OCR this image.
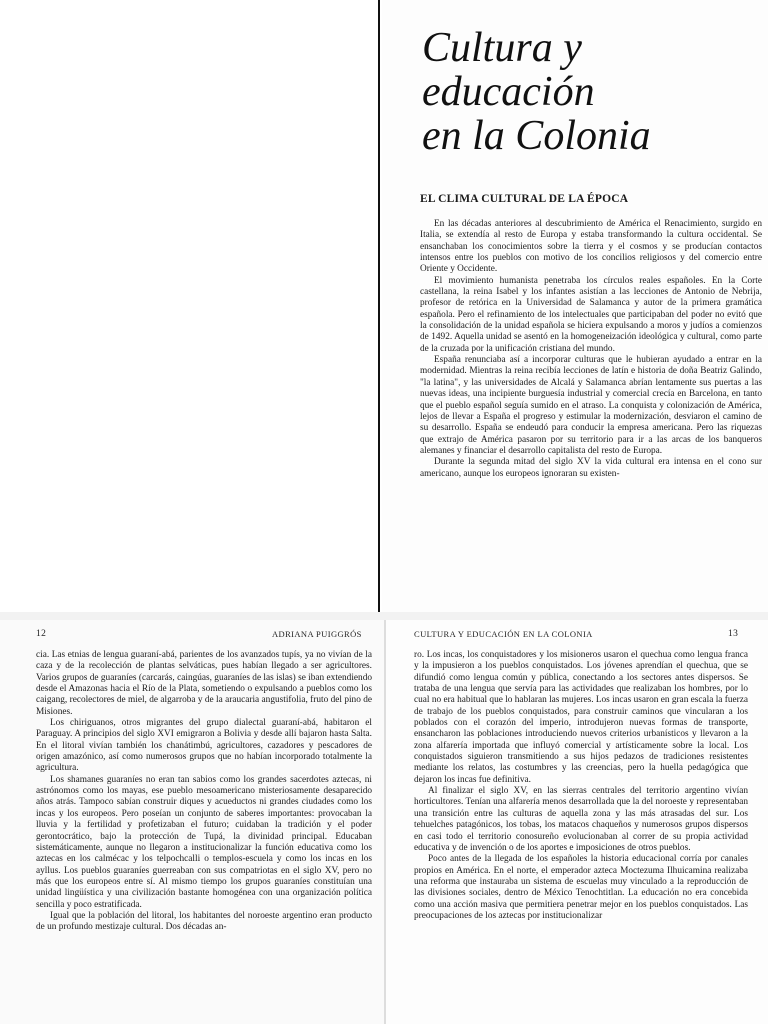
Cultura y
educación
en la Colonia
EL CLIMA CULTURAL DE LA ÉPOCA

En las décadas anteriores al descubrimiento de América el Renacimiento, surgido en Italia, se extendía al resto de Europa y estaba transformando la cultura occidental. Se ensanchaban los conocimientos sobre la tierra y el cosmos y se producían contactos intensos entre los pueblos con motivo de los concilios religiosos y del comercio entre Oriente y Occidente.

El movimiento humanista penetraba los círculos reales españoles. En la Corte castellana, la reina Isabel y los infantes asistían a las lecciones de Antonio de Nebrija, profesor de retórica en la Universidad de Salamanca y autor de la primera gramática española. Pero el refinamiento de los intelectuales que participaban del poder no evitó que la consolidación de la unidad española se hiciera expulsando a moros y judíos a comienzos de 1492. Aquella unidad se asentó en la homogeneización ideológica y cultural, como parte de la cruzada por la unificación cristiana del mundo.

España renunciaba así a incorporar culturas que le hubieran ayudado a entrar en la modernidad. Mientras la reina recibía lecciones de latín e historia de doña Beatriz Galindo, "la latina", y las universidades de Alcalá y Salamanca abrían lentamente sus puertas a las nuevas ideas, una incipiente burguesía industrial y comercial crecía en Barcelona, en tanto que el pueblo español seguía sumido en el atraso. La conquista y colonización de América, lejos de llevar a España el progreso y estimular la modernización, desviaron el camino de su desarrollo. España se endeudó para conducir la empresa americana. Pero las riquezas que extrajo de América pasaron por su territorio para ir a las arcas de los banqueros alemanes y financiar el desarrollo capitalista del resto de Europa.

Durante la segunda mitad del siglo XV la vida cultural era intensa en el cono sur americano, aunque los europeos ignoraran su existen-

12	ADRIANA PUIGGRÓS

cia. Las etnias de lengua guaraní-abá, parientes de los avanzados tupís, ya no vivían de la caza y de la recolección de plantas selváticas, pues habían llegado a ser agricultores. Varios grupos de guaraníes (carcarás, caingúas, guaraníes de las islas) se iban extendiendo desde el Amazonas hacia el Río de la Plata, sometiendo o expulsando a pueblos como los caigang, recolectores de miel, de algarroba y de la araucaria angustifolia, fruto del pino de Misiones.

Los chiriguanos, otros migrantes del grupo dialectal guaraní-abá, habitaron el Paraguay. A principios del siglo XVI emigraron a Bolivia y desde allí bajaron hasta Salta. En el litoral vivían también los chanátimbú, agricultores, cazadores y pescadores de origen amazónico, así como numerosos grupos que no habían incorporado totalmente la agricultura.

Los shamanes guaraníes no eran tan sabios como los grandes sacerdotes aztecas, ni astrónomos como los mayas, ese pueblo mesoamericano misteriosamente desaparecido años atrás. Tampoco sabían construir diques y acueductos ni grandes ciudades como los incas y los europeos. Pero poseían un conjunto de saberes importantes: provocaban la lluvia y la fertilidad y profetizaban el futuro; cuidaban la tradición y el poder gerontocrático, bajo la protección de Tupá, la divinidad principal. Educaban sistemáticamente, aunque no llegaron a institucionalizar la función educativa como los aztecas en los calmécac y los telpochcalli o templos-escuela y como los incas en los ayllus. Los pueblos guaraníes guerreaban con sus compatriotas en el siglo XV, pero no más que los europeos entre sí. Al mismo tiempo los grupos guaraníes constituían una unidad lingüística y una civilización bastante homogénea con una organización política sencilla y poco estratificada.

Igual que la población del litoral, los habitantes del noroeste argentino eran producto de un profundo mestizaje cultural. Dos décadas an-

CULTURA Y EDUCACIÓN EN LA COLONIA	13

ro. Los incas, los conquistadores y los misioneros usaron el quechua como lengua franca y la impusieron a los pueblos conquistados. Los jóvenes aprendían el quechua, que se difundió como lengua común y pública, conectando a los sectores antes dispersos. Se trataba de una lengua que servía para las actividades que realizaban los hombres, por lo cual no era habitual que lo hablaran las mujeres. Los incas usaron en gran escala la fuerza de trabajo de los pueblos conquistados, para construir caminos que vincularan a los poblados con el corazón del imperio, introdujeron nuevas formas de transporte, ensancharon las poblaciones introduciendo nuevos criterios urbanísticos y llevaron a la zona alfarería importada que influyó comercial y artísticamente sobre la local. Los conquistados siguieron transmitiendo a sus hijos pedazos de tradiciones resistentes mediante los relatos, las costumbres y las creencias, pero la huella pedagógica que dejaron los incas fue definitiva.

Al finalizar el siglo XV, en las sierras centrales del territorio argentino vivían horticultores. Tenían una alfarería menos desarrollada que la del noroeste y representaban una transición entre las culturas de aquella zona y las más atrasadas del sur. Los tehuelches patagónicos, los tobas, los matacos chaqueños y numerosos grupos dispersos en casi todo el territorio conosureño evolucionaban al correr de su propia actividad educativa y de invención o de los aportes e imposiciones de otros pueblos.

Poco antes de la llegada de los españoles la historia educacional corría por canales propios en América. En el norte, el emperador azteca Moctezuma Ilhuicamina realizaba una reforma que instauraba un sistema de escuelas muy vinculado a la reproducción de las divisiones sociales, dentro de México Tenochtitlan. La educación no era concebida como una acción masiva que permitiera penetrar mejor en los pueblos conquistados. Las preocupaciones de los aztecas por institucionalizar
